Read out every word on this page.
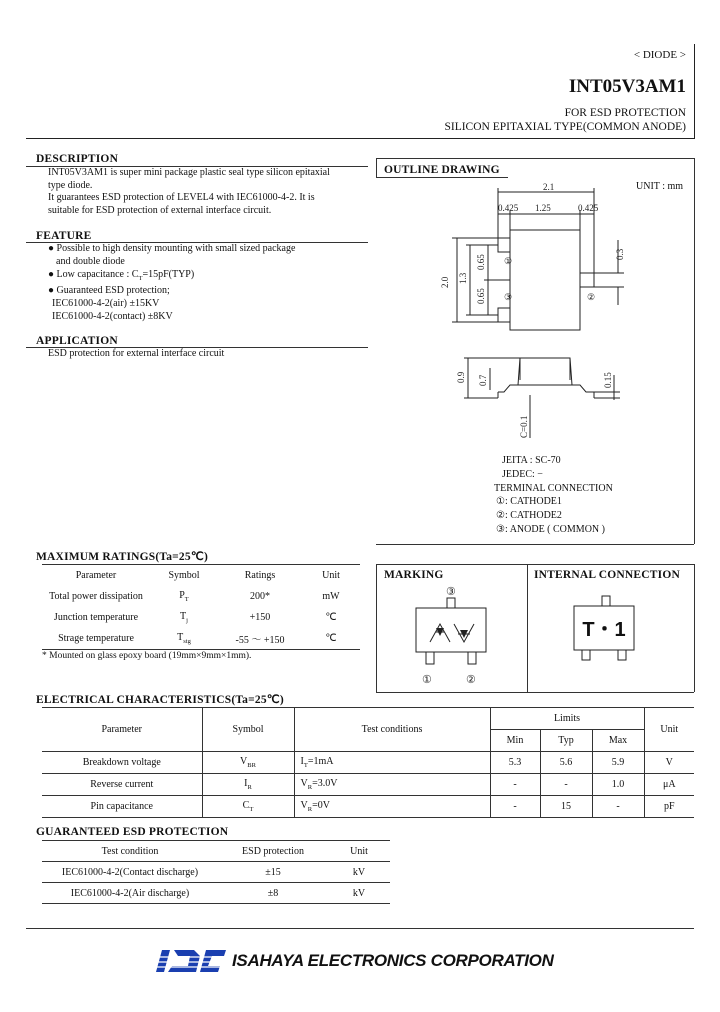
< DIODE >
INT05V3AM1
FOR ESD PROTECTION
SILICON EPITAXIAL TYPE(COMMON ANODE)
DESCRIPTION
INT05V3AM1 is super mini package plastic seal type silicon epitaxial
type diode.
It guarantees ESD protection of LEVEL4 with IEC61000-4-2. It is
suitable for ESD protection of external interface circuit.
FEATURE
● Possible to high density mounting with small sized package
and double diode
● Low capacitance : $C_T=15pF(TYP)$
● Guaranteed ESD protection;
IEC61000-4-2(air) ±15KV
IEC61000-4-2(contact) ±8KV
APPLICATION
ESD protection for external interface circuit
OUTLINE DRAWING
UNIT : mm
2.1
0.425 1.25	0.425
0.3
2.0 1.3
0.65
0.65
0.9 0.7	0.15
C=0.1
①
②
③
JEITA : SC-70
JEDEC: −
TERMINAL CONNECTION
①: CATHODE1
②: CATHODE2
③: ANODE ( COMMON )
MAXIMUM RATINGS(Ta=25℃)
Parameter	Symbol	Ratings	Unit
Total power dissipation	$P_T$	200*	mW
Junction temperature	$T_j$	+150	℃
Strage temperature	$T_{stg}$	-55 〜 +150	℃
* Mounted on glass epoxy board (19mm×9mm×1mm).
MARKING
③
①	②
INTERNAL CONNECTION
T・1
ELECTRICAL CHARACTERISTICS(Ta=25℃)
Parameter	Symbol	Test conditions	Limits			Unit
			Min	Typ	Max	
Breakdown voltage	$V_{BR}$	$I_T=1mA$	5.3	5.6	5.9	V
Reverse current	$I_R$	$V_R=3.0V$	-	-	1.0	μA
Pin capacitance	$C_T$	$V_R=0V$	-	15	-	pF
GUARANTEED ESD PROTECTION
Test condition	ESD protection	Unit
IEC61000-4-2(Contact discharge)	±15	kV
IEC61000-4-2(Air discharge)	±8	kV
ISAHAYA ELECTRONICS CORPORATION
